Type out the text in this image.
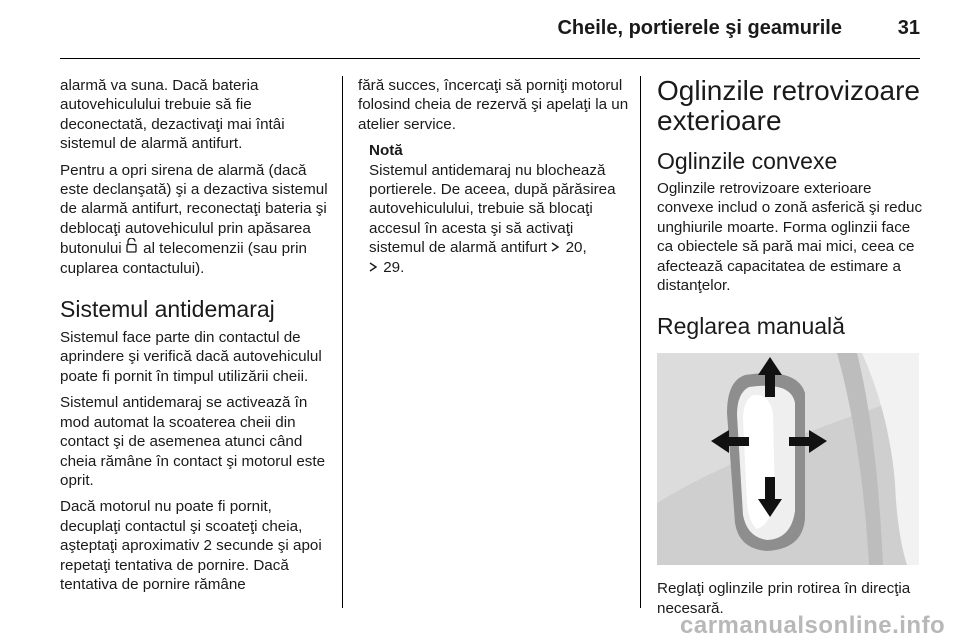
Cheile, portierele şi geamurile	31

alarmă va suna. Dacă bateria autovehiculului trebuie să fie deconectată, dezactivaţi mai întâi sistemul de alarmă antifurt.

Pentru a opri sirena de alarmă (dacă este declanşată) şi a dezactiva sistemul de alarmă antifurt, reconectaţi bateria şi deblocaţi autovehiculul prin apăsarea butonului al telecomenzii (sau prin cuplarea contactului).

Sistemul antidemaraj

Sistemul face parte din contactul de aprindere şi verifică dacă autovehiculul poate fi pornit în timpul utilizării cheii.

Sistemul antidemaraj se activează în mod automat la scoaterea cheii din contact şi de asemenea atunci când cheia rămâne în contact şi motorul este oprit.

Dacă motorul nu poate fi pornit, decuplaţi contactul şi scoateţi cheia, aşteptaţi aproximativ 2 secunde şi apoi repetaţi tentativa de pornire. Dacă tentativa de pornire rămâne

fără succes, încercaţi să porniţi motorul folosind cheia de rezervă şi apelaţi la un atelier service.

Notă
Sistemul antidemaraj nu blochează portierele. De aceea, după părăsirea autovehiculului, trebuie să blocaţi accesul în acesta şi să activaţi sistemul de alarmă antifurt 20,
29.
Oglinzile retrovizoare exterioare
Oglinzile convexe

Oglinzile retrovizoare exterioare convexe includ o zonă asferică şi reduc unghiurile moarte. Forma oglinzii face ca obiectele să pară mai mici, ceea ce afectează capacitatea de estimare a distanţelor.

Reglarea manuală

Reglaţi oglinzile prin rotirea în direcţia necesară.

carmanualsonline.info
